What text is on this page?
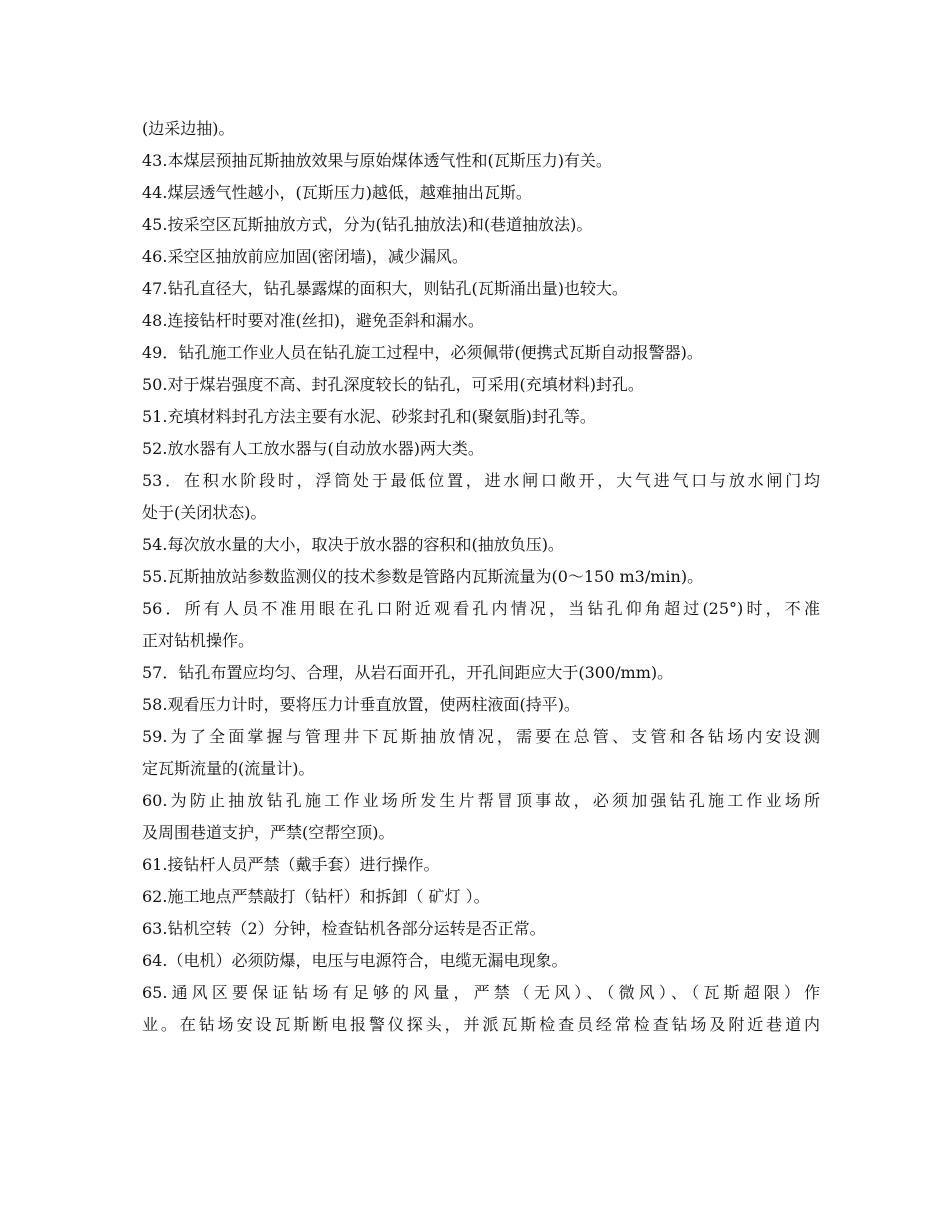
(边采边抽)。
43.本煤层预抽瓦斯抽放效果与原始煤体透气性和(瓦斯压力)有关。
44.煤层透气性越小，(瓦斯压力)越低，越难抽出瓦斯。
45.按采空区瓦斯抽放方式，分为(钻孔抽放法)和(巷道抽放法)。
46.采空区抽放前应加固(密闭墙)，减少漏风。
47.钻孔直径大，钻孔暴露煤的面积大，则钻孔(瓦斯涌出量)也较大。
48.连接钻杆时要对准(丝扣)，避免歪斜和漏水。
49．钻孔施工作业人员在钻孔旋工过程中，必须佩带(便携式瓦斯自动报警器)。
50.对于煤岩强度不高、封孔深度较长的钻孔，可采用(充填材料)封孔。
51.充填材料封孔方法主要有水泥、砂浆封孔和(聚氨脂)封孔等。
52.放水器有人工放水器与(自动放水器)两大类。
53．在积水阶段时，浮筒处于最低位置，进水闸口敞开，大气进气口与放水闸门均
处于(关闭状态)。
54.每次放水量的大小，取决于放水器的容积和(抽放负压)。
55.瓦斯抽放站参数监测仪的技术参数是管路内瓦斯流量为(0～150 m3/min)。
56．所有人员不准用眼在孔口附近观看孔内情况，当钻孔仰角超过(25°)时，不准
正对钻机操作。
57．钻孔布置应均匀、合理，从岩石面开孔，开孔间距应大于(300/mm)。
58.观看压力计时，要将压力计垂直放置，使两柱液面(持平)。
59.为了全面掌握与管理井下瓦斯抽放情况，需要在总管、支管和各钻场内安设测
定瓦斯流量的(流量计)。
60.为防止抽放钻孔施工作业场所发生片帮冒顶事故，必须加强钻孔施工作业场所
及周围巷道支护，严禁(空帮空顶)。
61.接钻杆人员严禁（戴手套）进行操作。
62.施工地点严禁敲打（钻杆）和拆卸（ 矿灯 ）。
63.钻机空转（2）分钟，检查钻机各部分运转是否正常。
64.（电机）必须防爆，电压与电源符合，电缆无漏电现象。
65.通风区要保证钻场有足够的风量，严禁（无风）、（微风）、（瓦斯超限）作
业。在钻场安设瓦斯断电报警仪探头，并派瓦斯检查员经常检查钻场及附近巷道内
